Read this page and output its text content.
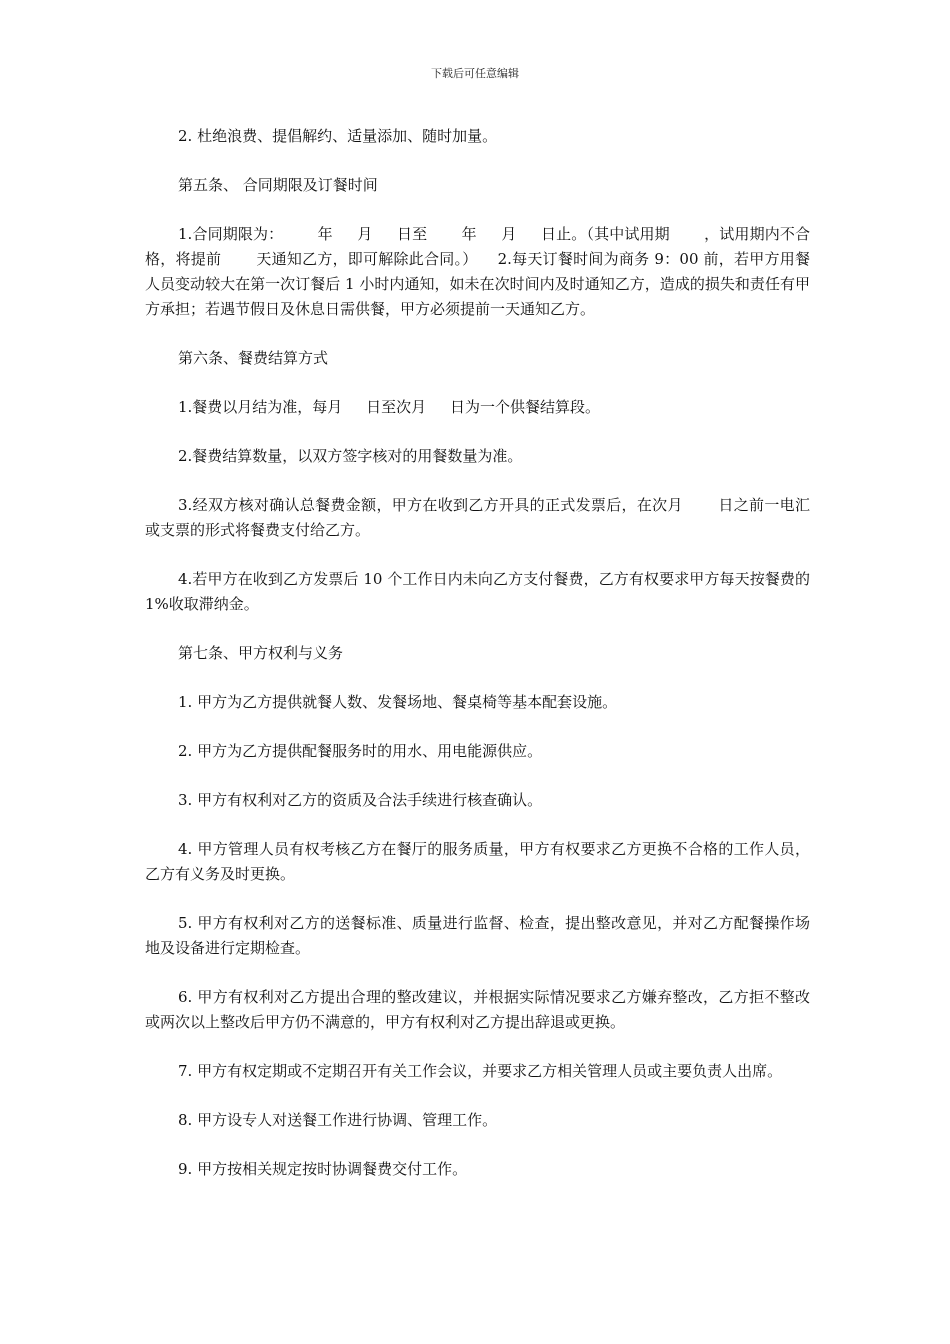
下载后可任意编辑

2. 杜绝浪费、提倡解约、适量添加、随时加量。

第五条、 合同期限及订餐时间

1.合同期限为：       年     月     日至       年     月     日止。（其中试用期       ，试用期内不合格，将提前       天通知乙方，即可解除此合同。）    2.每天订餐时间为商务 9：00 前，若甲方用餐人员变动较大在第一次订餐后 1 小时内通知，如未在次时间内及时通知乙方，造成的损失和责任有甲方承担；若遇节假日及休息日需供餐，甲方必须提前一天通知乙方。

第六条、餐费结算方式

1.餐费以月结为准，每月     日至次月     日为一个供餐结算段。

2.餐费结算数量，以双方签字核对的用餐数量为准。

3.经双方核对确认总餐费金额，甲方在收到乙方开具的正式发票后，在次月       日之前一电汇或支票的形式将餐费支付给乙方。

4.若甲方在收到乙方发票后 10 个工作日内未向乙方支付餐费，乙方有权要求甲方每天按餐费的 1%收取滞纳金。

第七条、甲方权利与义务

1. 甲方为乙方提供就餐人数、发餐场地、餐桌椅等基本配套设施。

2. 甲方为乙方提供配餐服务时的用水、用电能源供应。

3. 甲方有权利对乙方的资质及合法手续进行核查确认。

4. 甲方管理人员有权考核乙方在餐厅的服务质量，甲方有权要求乙方更换不合格的工作人员，乙方有义务及时更换。

5. 甲方有权利对乙方的送餐标准、质量进行监督、检查，提出整改意见，并对乙方配餐操作场地及设备进行定期检查。

6. 甲方有权利对乙方提出合理的整改建议，并根据实际情况要求乙方嫌弃整改，乙方拒不整改或两次以上整改后甲方仍不满意的，甲方有权利对乙方提出辞退或更换。

7. 甲方有权定期或不定期召开有关工作会议，并要求乙方相关管理人员或主要负责人出席。

8. 甲方设专人对送餐工作进行协调、管理工作。

9. 甲方按相关规定按时协调餐费交付工作。
